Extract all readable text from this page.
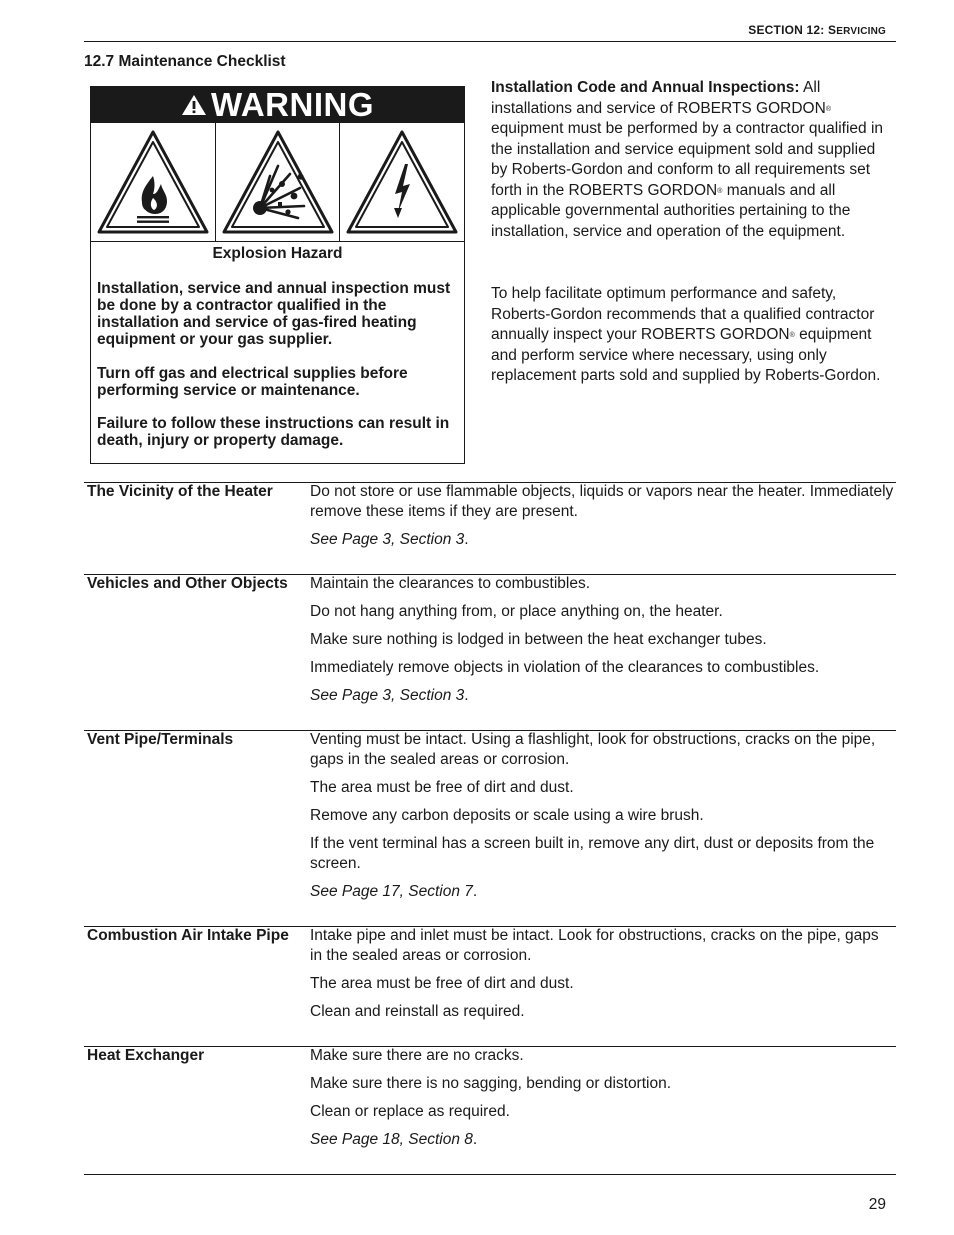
SECTION 12: SERVICING
12.7 Maintenance Checklist
WARNING
Explosion Hazard
Installation, service and annual inspection must be done by a contractor qualified in the installation and service of gas-fired heating equipment or your gas supplier.
Turn off gas and electrical supplies before performing service or maintenance.
Failure to follow these instructions can result in death, injury or property damage.
Installation Code and Annual Inspections: All installations and service of ROBERTS GORDON® equipment must be performed by a contractor qualified in the installation and service equipment sold and supplied by Roberts-Gordon and conform to all requirements set forth in the ROBERTS GORDON® manuals and all applicable governmental authorities pertaining to the installation, service and operation of the equipment.
To help facilitate optimum performance and safety, Roberts-Gordon recommends that a qualified contractor annually inspect your ROBERTS GORDON® equipment and perform service where necessary, using only replacement parts sold and supplied by Roberts-Gordon.
The Vicinity of the Heater	Do not store or use flammable objects, liquids or vapors near the heater. Immediately remove these items if they are present.
See Page 3, Section 3.
Vehicles and Other Objects	Maintain the clearances to combustibles.
Do not hang anything from, or place anything on, the heater.
Make sure nothing is lodged in between the heat exchanger tubes.
Immediately remove objects in violation of the clearances to combustibles.
See Page 3, Section 3.
Vent Pipe/Terminals	Venting must be intact. Using a flashlight, look for obstructions, cracks on the pipe, gaps in the sealed areas or corrosion.
The area must be free of dirt and dust.
Remove any carbon deposits or scale using a wire brush.
If the vent terminal has a screen built in, remove any dirt, dust or deposits from the screen.
See Page 17, Section 7.
Combustion Air Intake Pipe	Intake pipe and inlet must be intact. Look for obstructions, cracks on the pipe, gaps in the sealed areas or corrosion.
The area must be free of dirt and dust.
Clean and reinstall as required.
Heat Exchanger	Make sure there are no cracks.
Make sure there is no sagging, bending or distortion.
Clean or replace as required.
See Page 18, Section 8.
29
